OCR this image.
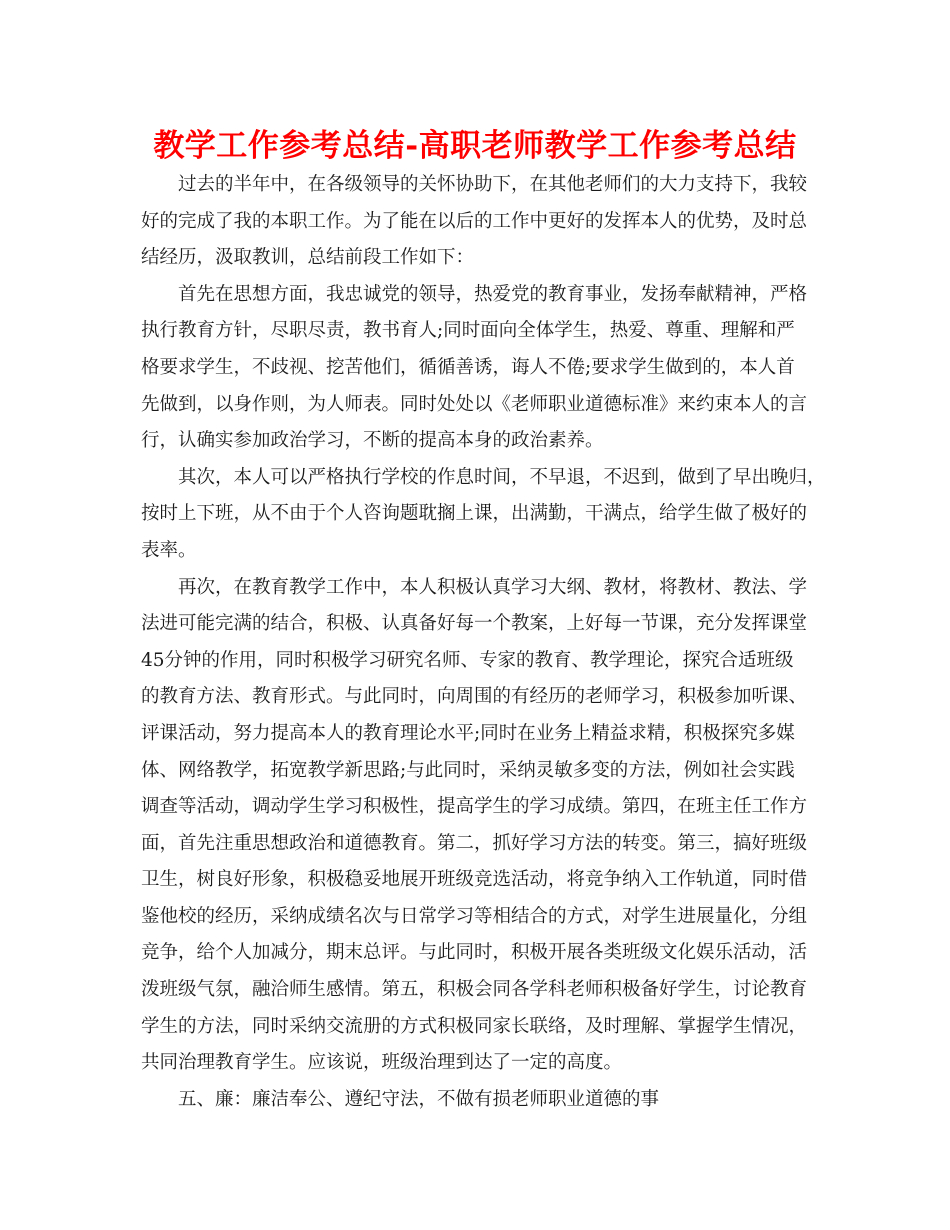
教学工作参考总结-高职老师教学工作参考总结
过去的半年中，在各级领导的关怀协助下，在其他老师们的大力支持下，我较
好的完成了我的本职工作。为了能在以后的工作中更好的发挥本人的优势，及时总
结经历，汲取教训，总结前段工作如下：
首先在思想方面，我忠诚党的领导，热爱党的教育事业，发扬奉献精神，严格
执行教育方针，尽职尽责，教书育人;同时面向全体学生，热爱、尊重、理解和严
格要求学生，不歧视、挖苦他们，循循善诱，诲人不倦;要求学生做到的，本人首
先做到，以身作则，为人师表。同时处处以《老师职业道德标准》来约束本人的言
行，认确实参加政治学习，不断的提高本身的政治素养。
其次，本人可以严格执行学校的作息时间，不早退，不迟到，做到了早出晚归，
按时上下班，从不由于个人咨询题耽搁上课，出满勤，干满点，给学生做了极好的
表率。
再次，在教育教学工作中，本人积极认真学习大纲、教材，将教材、教法、学
法进可能完满的结合，积极、认真备好每一个教案，上好每一节课，充分发挥课堂
45分钟的作用，同时积极学习研究名师、专家的教育、教学理论，探究合适班级
的教育方法、教育形式。与此同时，向周围的有经历的老师学习，积极参加听课、
评课活动，努力提高本人的教育理论水平;同时在业务上精益求精，积极探究多媒
体、网络教学，拓宽教学新思路;与此同时，采纳灵敏多变的方法，例如社会实践
调查等活动，调动学生学习积极性，提高学生的学习成绩。第四，在班主任工作方
面，首先注重思想政治和道德教育。第二，抓好学习方法的转变。第三，搞好班级
卫生，树良好形象，积极稳妥地展开班级竞选活动，将竞争纳入工作轨道，同时借
鉴他校的经历，采纳成绩名次与日常学习等相结合的方式，对学生进展量化，分组
竞争，给个人加减分，期末总评。与此同时，积极开展各类班级文化娱乐活动，活
泼班级气氛，融洽师生感情。第五，积极会同各学科老师积极备好学生，讨论教育
学生的方法，同时采纳交流册的方式积极同家长联络，及时理解、掌握学生情况，
共同治理教育学生。应该说，班级治理到达了一定的高度。
五、廉：廉洁奉公、遵纪守法，不做有损老师职业道德的事
